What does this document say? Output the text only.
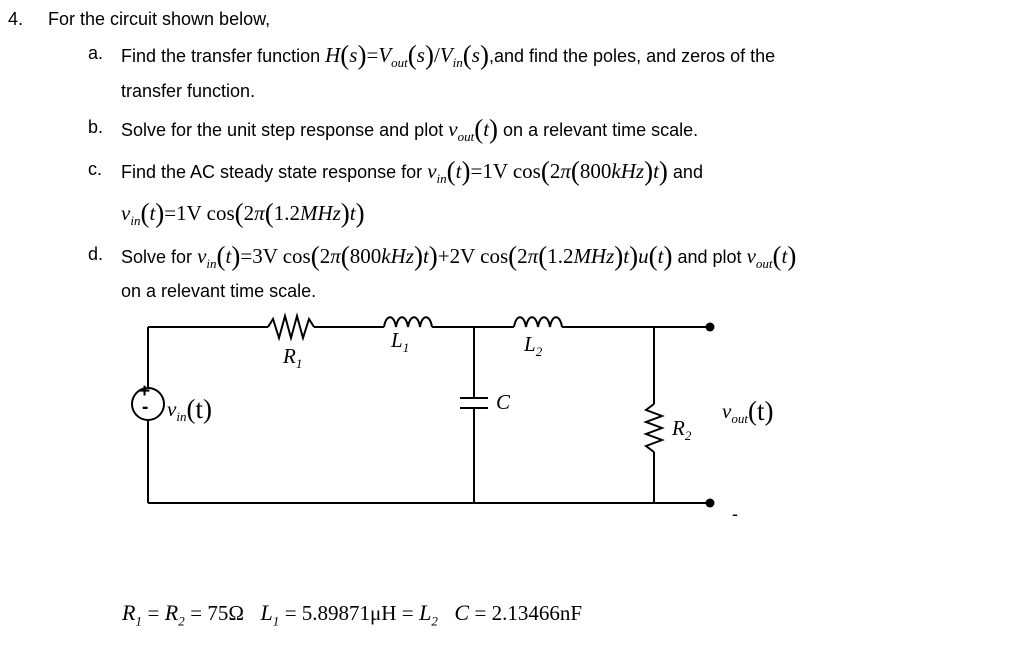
4. For the circuit shown below,
a. Find the transfer function $H(s)=V_{out}(s)/V_{in}(s),and$ find the poles, and zeros of the
transfer function.
b. Solve for the unit step response and plot $v_{out}(t)$ on a relevant time scale.
c. Find the AC steady state response for $v_{in}(t)=1V$ cos(2π(800kHz)t) and
$v_{in}(t)=1V$ cos(2π(1.2MHz)t)
d. Solve for $v_{in}(t)=3V$ cos(2π(800kHz)t)+2V cos(2π(1.2MHz)t)u(t) and plot $v_{out}(t)$
on a relevant time scale.
+
- $v_{in}(t)$
$R_1$
$L_1$	$L_2$
C
$R_2$
$v_{out}(t)$
-
$R_1 = R_2 = 75\Omega$ $L_1 = 5.89871\mu H = L_2$ C = 2.13466nF
